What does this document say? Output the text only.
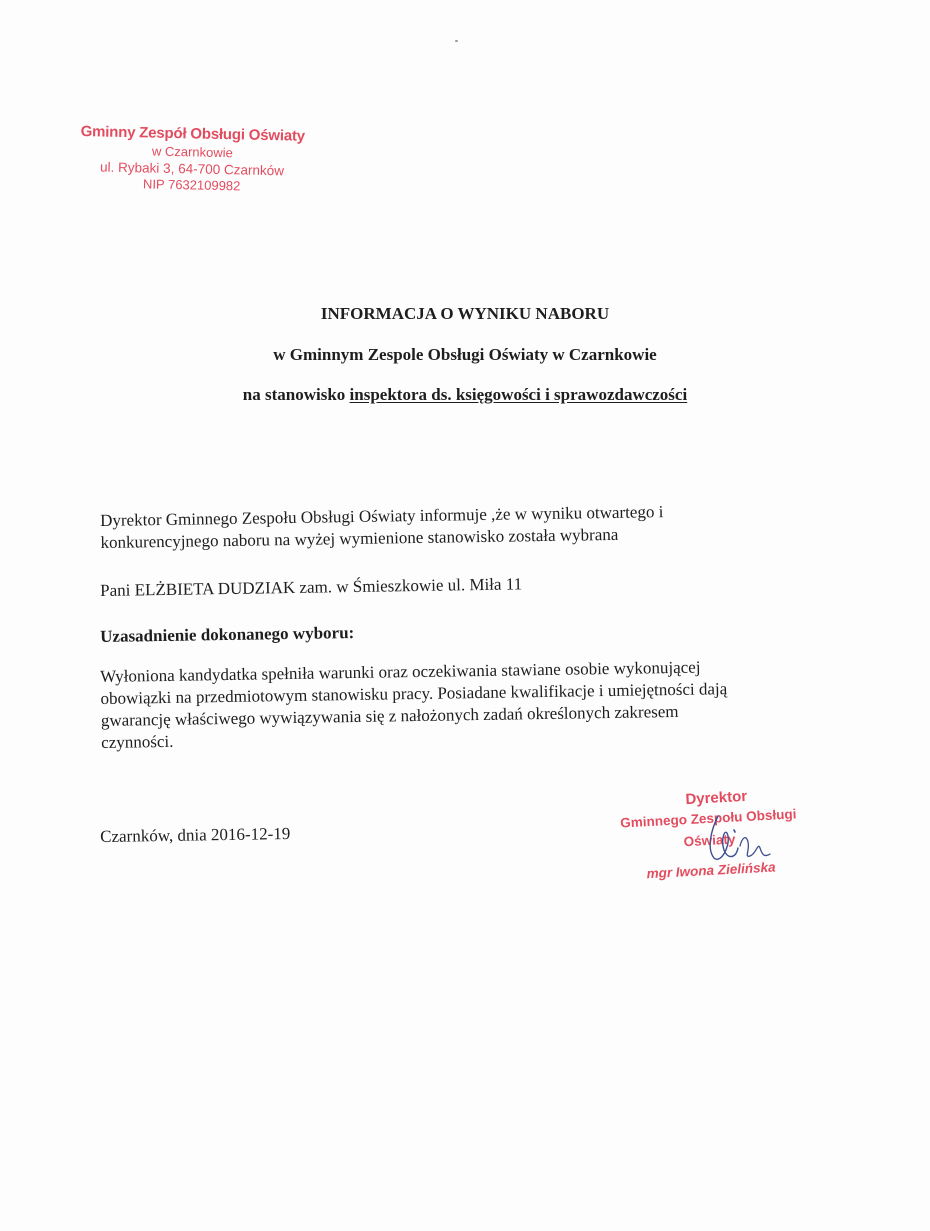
Gminny Zespół Obsługi Oświaty
w Czarnkowie
ul. Rybaki 3, 64-700 Czarnków
NIP 7632109982
INFORMACJA O WYNIKU NABORU
w Gminnym Zespole Obsługi Oświaty w Czarnkowie
na stanowisko inspektora ds. księgowości i sprawozdawczości
Dyrektor Gminnego Zespołu Obsługi Oświaty informuje ,że w wyniku otwartego i
konkurencyjnego naboru na wyżej wymienione stanowisko została wybrana
Pani ELŻBIETA DUDZIAK zam. w Śmieszkowie ul. Miła 11
Uzasadnienie dokonanego wyboru:
Wyłoniona kandydatka spełniła warunki oraz oczekiwania stawiane osobie wykonującej
obowiązki na przedmiotowym stanowisku pracy. Posiadane kwalifikacje i umiejętności dają
gwarancję właściwego wywiązywania się z nałożonych zadań określonych zakresem
czynności.
Czarnków, dnia 2016-12-19
Dyrektor
Gminnego Zespołu Obsługi Oświaty
mgr Iwona Zielińska
